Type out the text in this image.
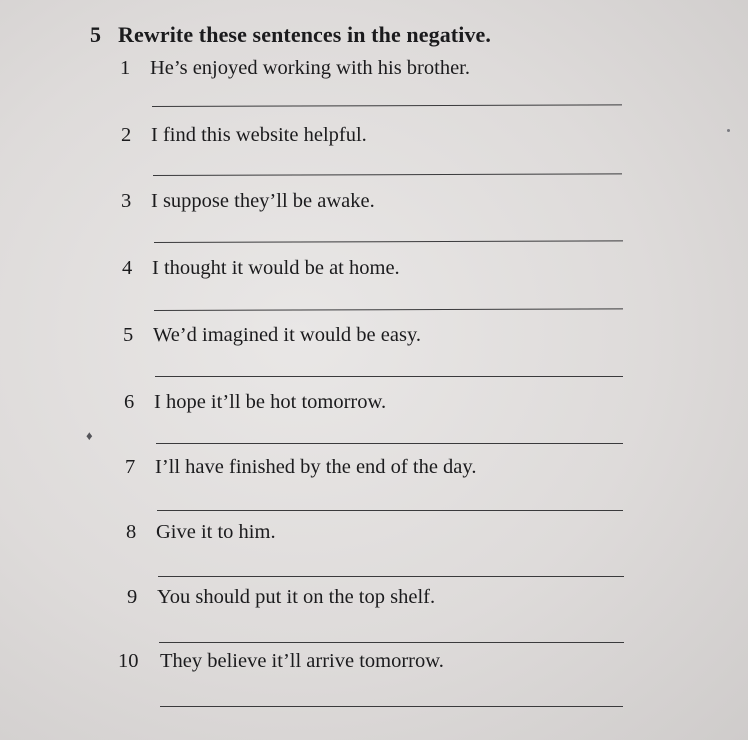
5 Rewrite these sentences in the negative.
1 He’s enjoyed working with his brother.
2 I find this website helpful.
3 I suppose they’ll be awake.
4 I thought it would be at home.
5 We’d imagined it would be easy.
6 I hope it’ll be hot tomorrow.
7 I’ll have finished by the end of the day.
8 Give it to him.
9 You should put it on the top shelf.
10 They believe it’ll arrive tomorrow.
♦
